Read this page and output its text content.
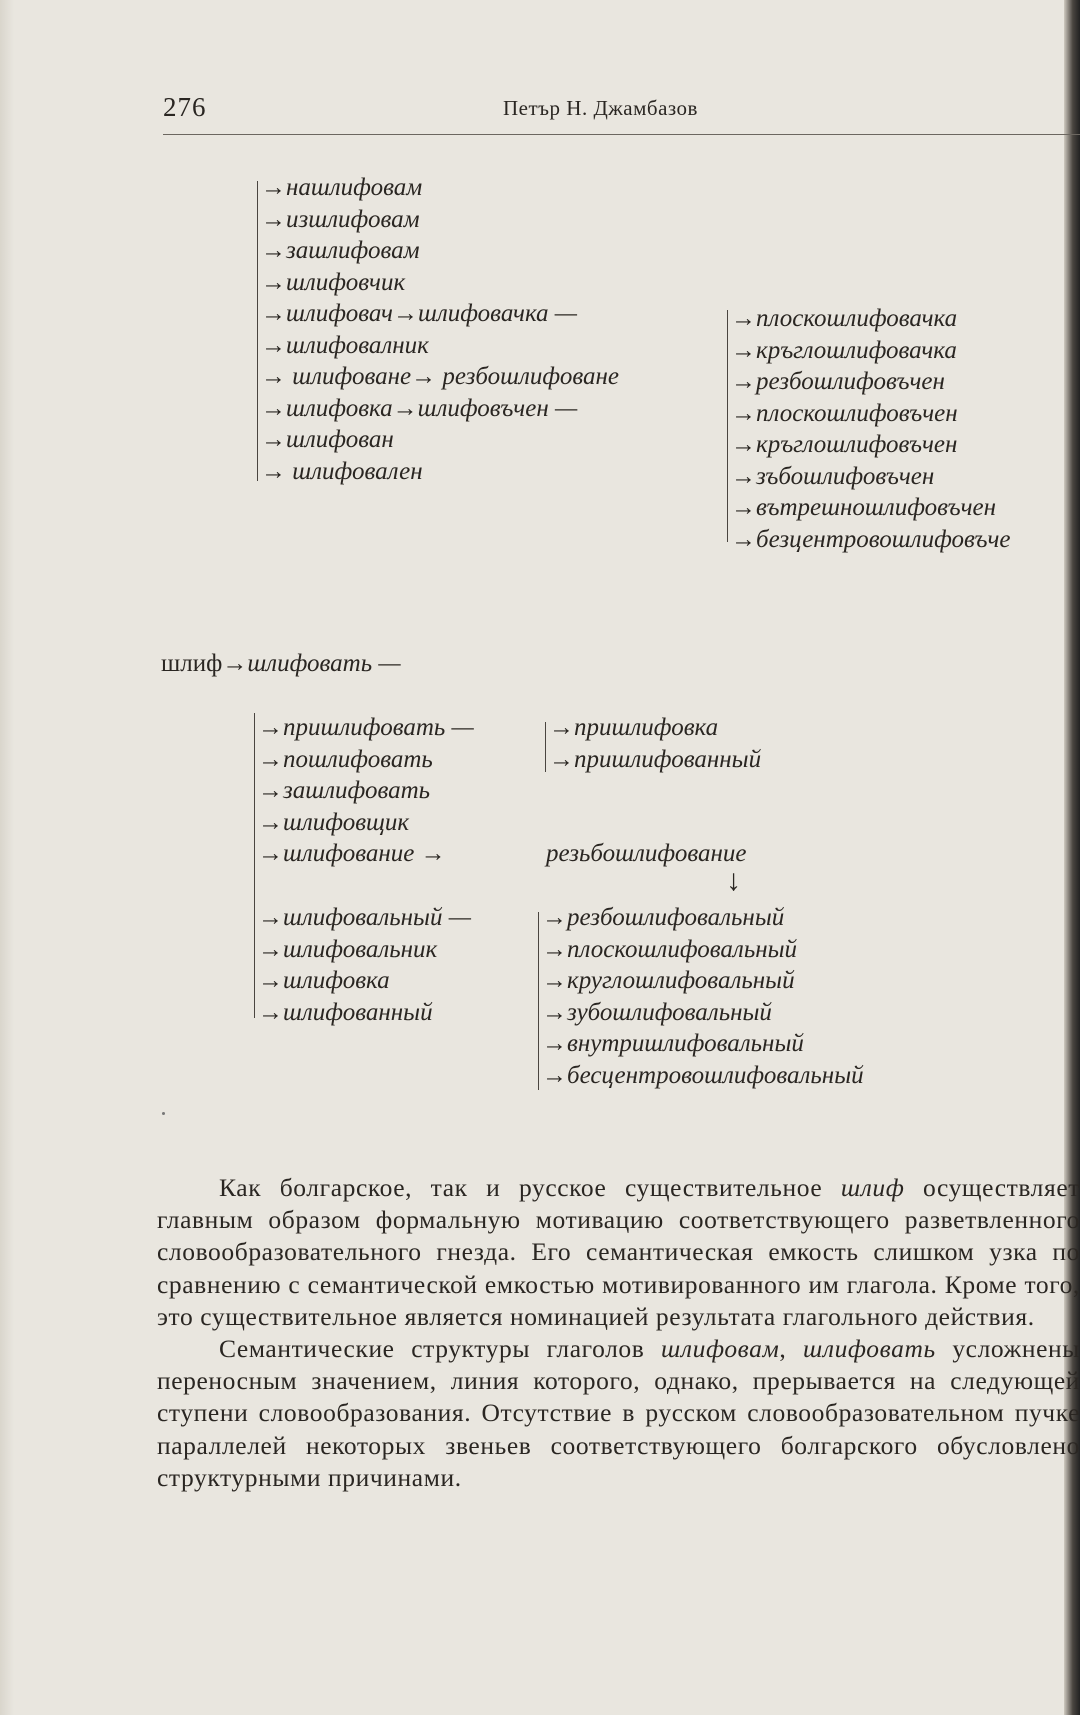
276	Петър Н. Джамбазов
→нашлифовам
→изшлифовам
→зашлифовам
→шлифовчик
→шлифовач→шлифовачка —
→шлифовалник
→ шлифоване→ резбошлифоване
→шлифовка→шлифовъчен —
→шлифован
→ шлифовален
→плоскошлифовачка
→кръглошлифовачка
→резбошлифовъчен
→плоскошлифовъчен
→кръглошлифовъчен
→зъбошлифовъчен
→вътрешношлифовъчен
→безцентровошлифовъче
шлиф→шлифовать —
→пришлифовать —
→пошлифовать
→зашлифовать
→шлифовщик
→шлифование →
→пришлифовка
→пришлифованный
резьбошлифование
↓
→шлифовальный —
→шлифовальник
→шлифовка
→шлифованный
→резбошлифовальный
→плоскошлифовальный
→круглошлифовальный
→зубошлифовальный
→внутришлифовальный
→бесцентровошлифовальный

Как болгарское, так и русское существительное шлиф осуществляет главным образом формальную мотивацию соответствующего разветвленного словообразовательного гнезда. Его семантическая емкость слишком узка по сравнению с семантической емкостью мотивированного им глагола. Кроме того, это существительное является номинацией результата глагольного действия.

Семантические структуры глаголов шлифовам, шлифовать усложнены переносным значением, линия которого, однако, прерывается на следующей ступени словообразования. Отсутствие в русском словообразовательном пучке параллелей некоторых звеньев соответствующего болгарского обусловлено структурными причинами.
